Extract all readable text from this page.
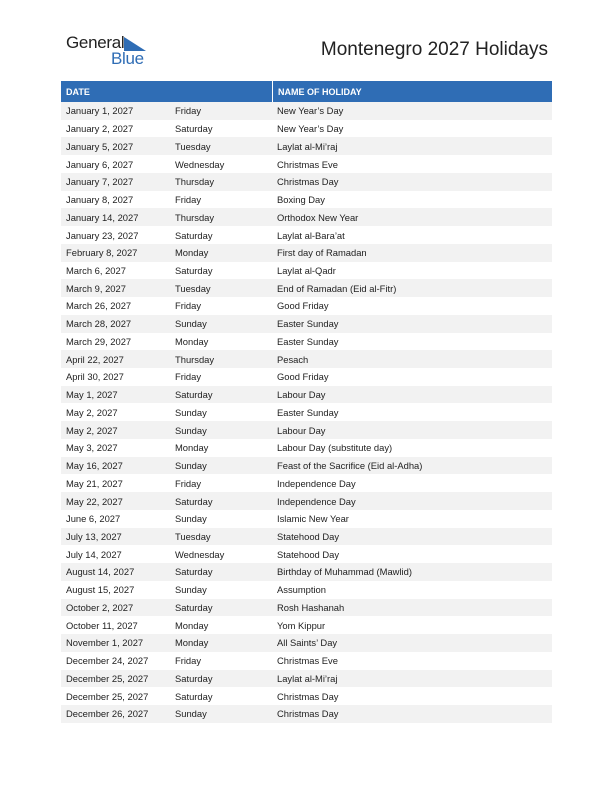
General
Blue	Montenegro 2027 Holidays
DATE	NAME OF HOLIDAY
January 1, 2027	Friday	New Year’s Day
January 2, 2027	Saturday	New Year’s Day
January 5, 2027	Tuesday	Laylat al-Mi’raj
January 6, 2027	Wednesday	Christmas Eve
January 7, 2027	Thursday	Christmas Day
January 8, 2027	Friday	Boxing Day
January 14, 2027	Thursday	Orthodox New Year
January 23, 2027	Saturday	Laylat al-Bara’at
February 8, 2027	Monday	First day of Ramadan
March 6, 2027	Saturday	Laylat al-Qadr
March 9, 2027	Tuesday	End of Ramadan (Eid al-Fitr)
March 26, 2027	Friday	Good Friday
March 28, 2027	Sunday	Easter Sunday
March 29, 2027	Monday	Easter Sunday
April 22, 2027	Thursday	Pesach
April 30, 2027	Friday	Good Friday
May 1, 2027	Saturday	Labour Day
May 2, 2027	Sunday	Easter Sunday
May 2, 2027	Sunday	Labour Day
May 3, 2027	Monday	Labour Day (substitute day)
May 16, 2027	Sunday	Feast of the Sacrifice (Eid al-Adha)
May 21, 2027	Friday	Independence Day
May 22, 2027	Saturday	Independence Day
June 6, 2027	Sunday	Islamic New Year
July 13, 2027	Tuesday	Statehood Day
July 14, 2027	Wednesday	Statehood Day
August 14, 2027	Saturday	Birthday of Muhammad (Mawlid)
August 15, 2027	Sunday	Assumption
October 2, 2027	Saturday	Rosh Hashanah
October 11, 2027	Monday	Yom Kippur
November 1, 2027	Monday	All Saints’ Day
December 24, 2027	Friday	Christmas Eve
December 25, 2027	Saturday	Laylat al-Mi’raj
December 25, 2027	Saturday	Christmas Day
December 26, 2027	Sunday	Christmas Day
